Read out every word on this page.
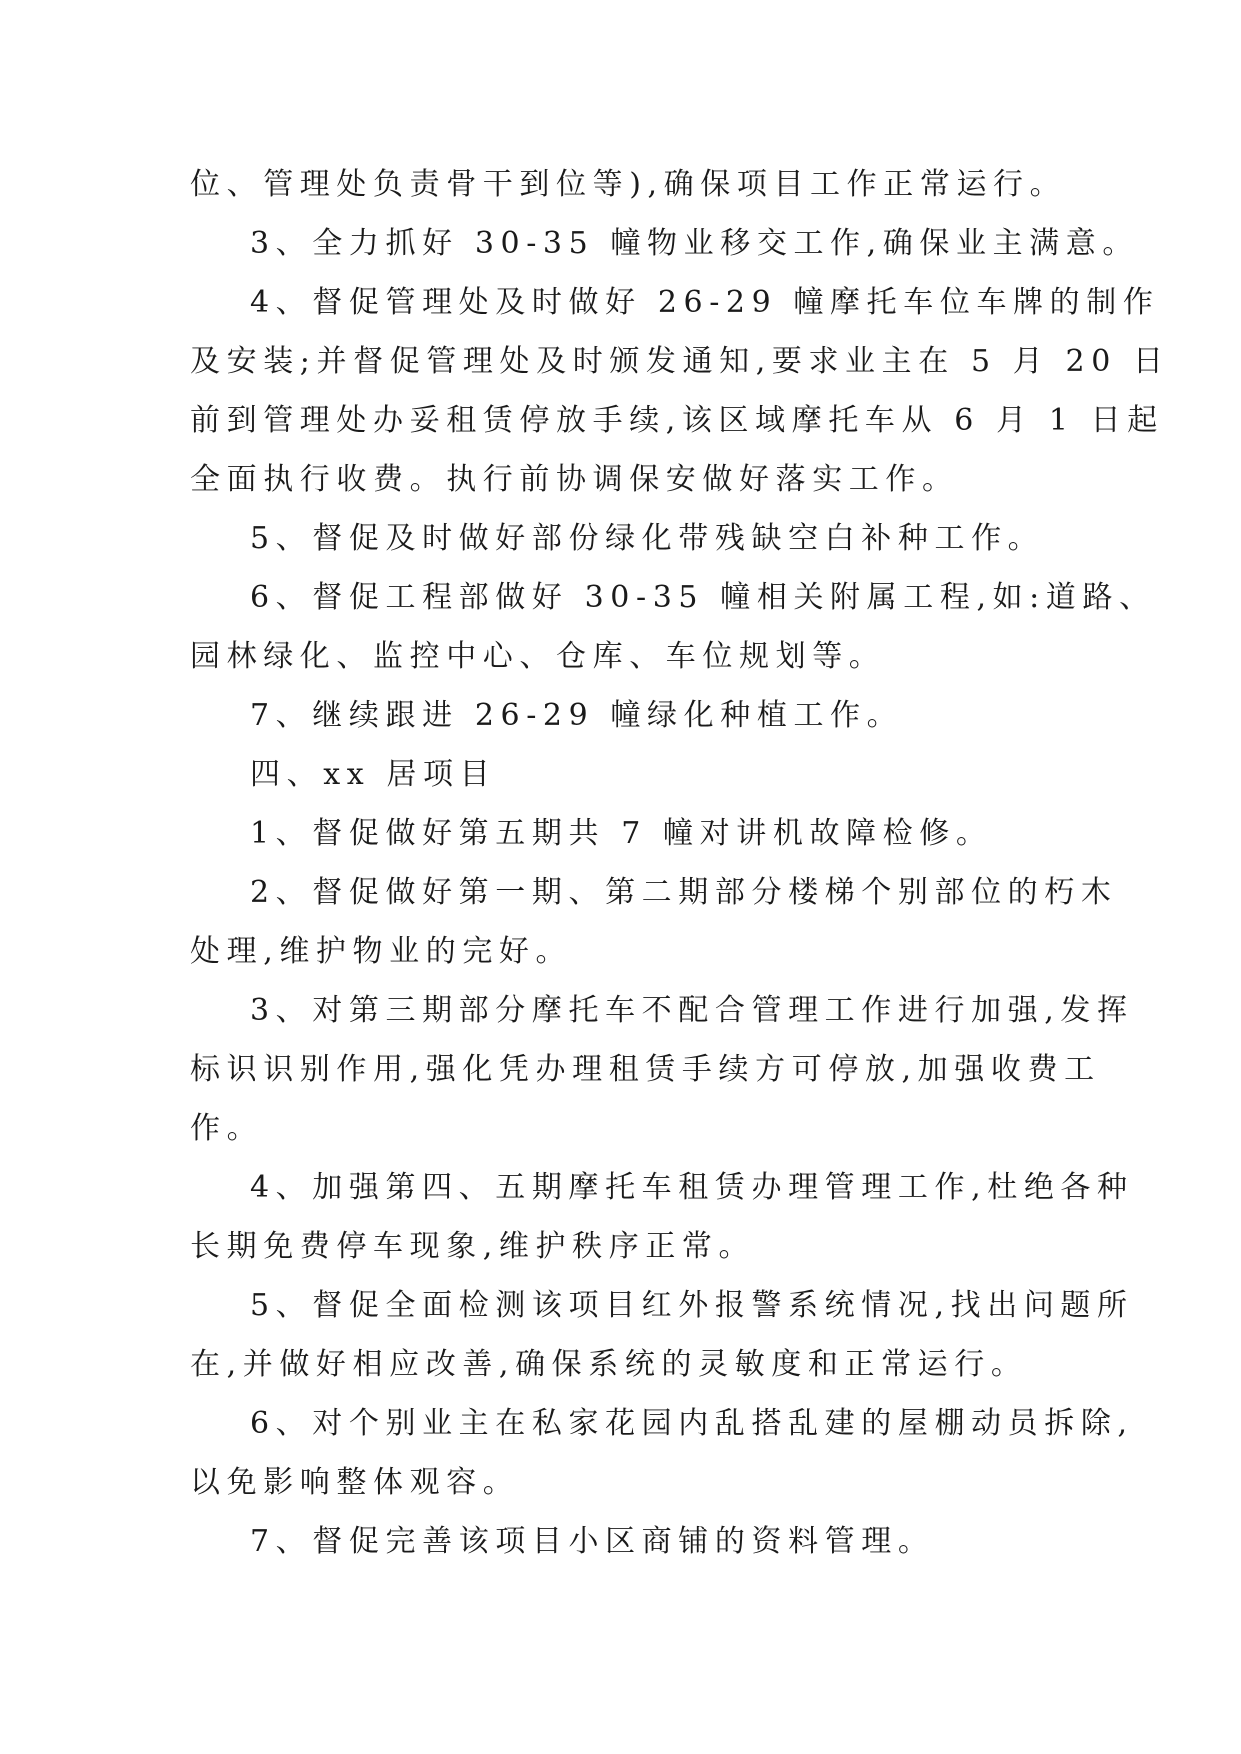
位、管理处负责骨干到位等),确保项目工作正常运行。
3、全力抓好 30-35 幢物业移交工作,确保业主满意。
4、督促管理处及时做好 26-29 幢摩托车位车牌的制作
及安装;并督促管理处及时颁发通知,要求业主在 5 月 20 日
前到管理处办妥租赁停放手续,该区域摩托车从 6 月 1 日起
全面执行收费。执行前协调保安做好落实工作。
5、督促及时做好部份绿化带残缺空白补种工作。
6、督促工程部做好 30-35 幢相关附属工程,如:道路、
园林绿化、监控中心、仓库、车位规划等。
7、继续跟进 26-29 幢绿化种植工作。
四、xx 居项目
1、督促做好第五期共 7 幢对讲机故障检修。
2、督促做好第一期、第二期部分楼梯个别部位的朽木
处理,维护物业的完好。
3、对第三期部分摩托车不配合管理工作进行加强,发挥
标识识别作用,强化凭办理租赁手续方可停放,加强收费工
作。
4、加强第四、五期摩托车租赁办理管理工作,杜绝各种
长期免费停车现象,维护秩序正常。
5、督促全面检测该项目红外报警系统情况,找出问题所
在,并做好相应改善,确保系统的灵敏度和正常运行。
6、对个别业主在私家花园内乱搭乱建的屋棚动员拆除,
以免影响整体观容。
7、督促完善该项目小区商铺的资料管理。
